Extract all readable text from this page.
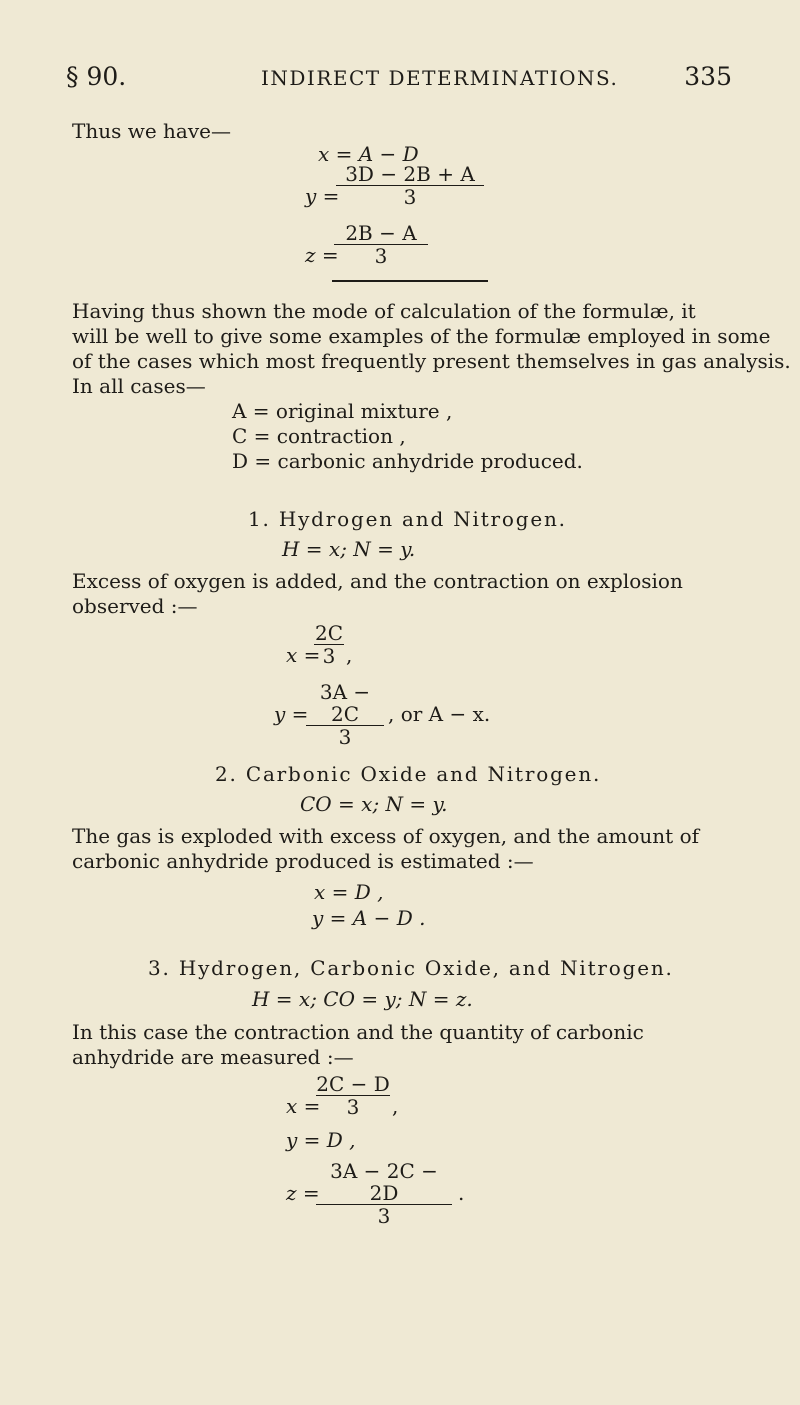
§ 90.	INDIRECT DETERMINATIONS.	335
Thus we have—
x = A − D
y =
3D − 2B + A
3
z =
2B − A
3
Having thus shown the mode of calculation of the formulæ, it
will be well to give some examples of the formulæ employed in some
of the cases which most frequently present themselves in gas analysis.
In all cases—
A = original mixture ,
C = contraction ,
D = carbonic anhydride produced.
1. Hydrogen and Nitrogen.
H = x; N = y.
Excess of oxygen is added, and the contraction on explosion
observed :—
x =
2C
3 ,
y =
3A − 2C
3
, or A − x.
2. Carbonic Oxide and Nitrogen.
CO = x; N = y.
The gas is exploded with excess of oxygen, and the amount of
carbonic anhydride produced is estimated :—
x = D ,
y = A − D .
3. Hydrogen, Carbonic Oxide, and Nitrogen.
H = x; CO = y; N = z.
In this case the contraction and the quantity of carbonic
anhydride are measured :—
x =
2C − D
3	,
y = D ,
z =
3A − 2C − 2D
3
.
